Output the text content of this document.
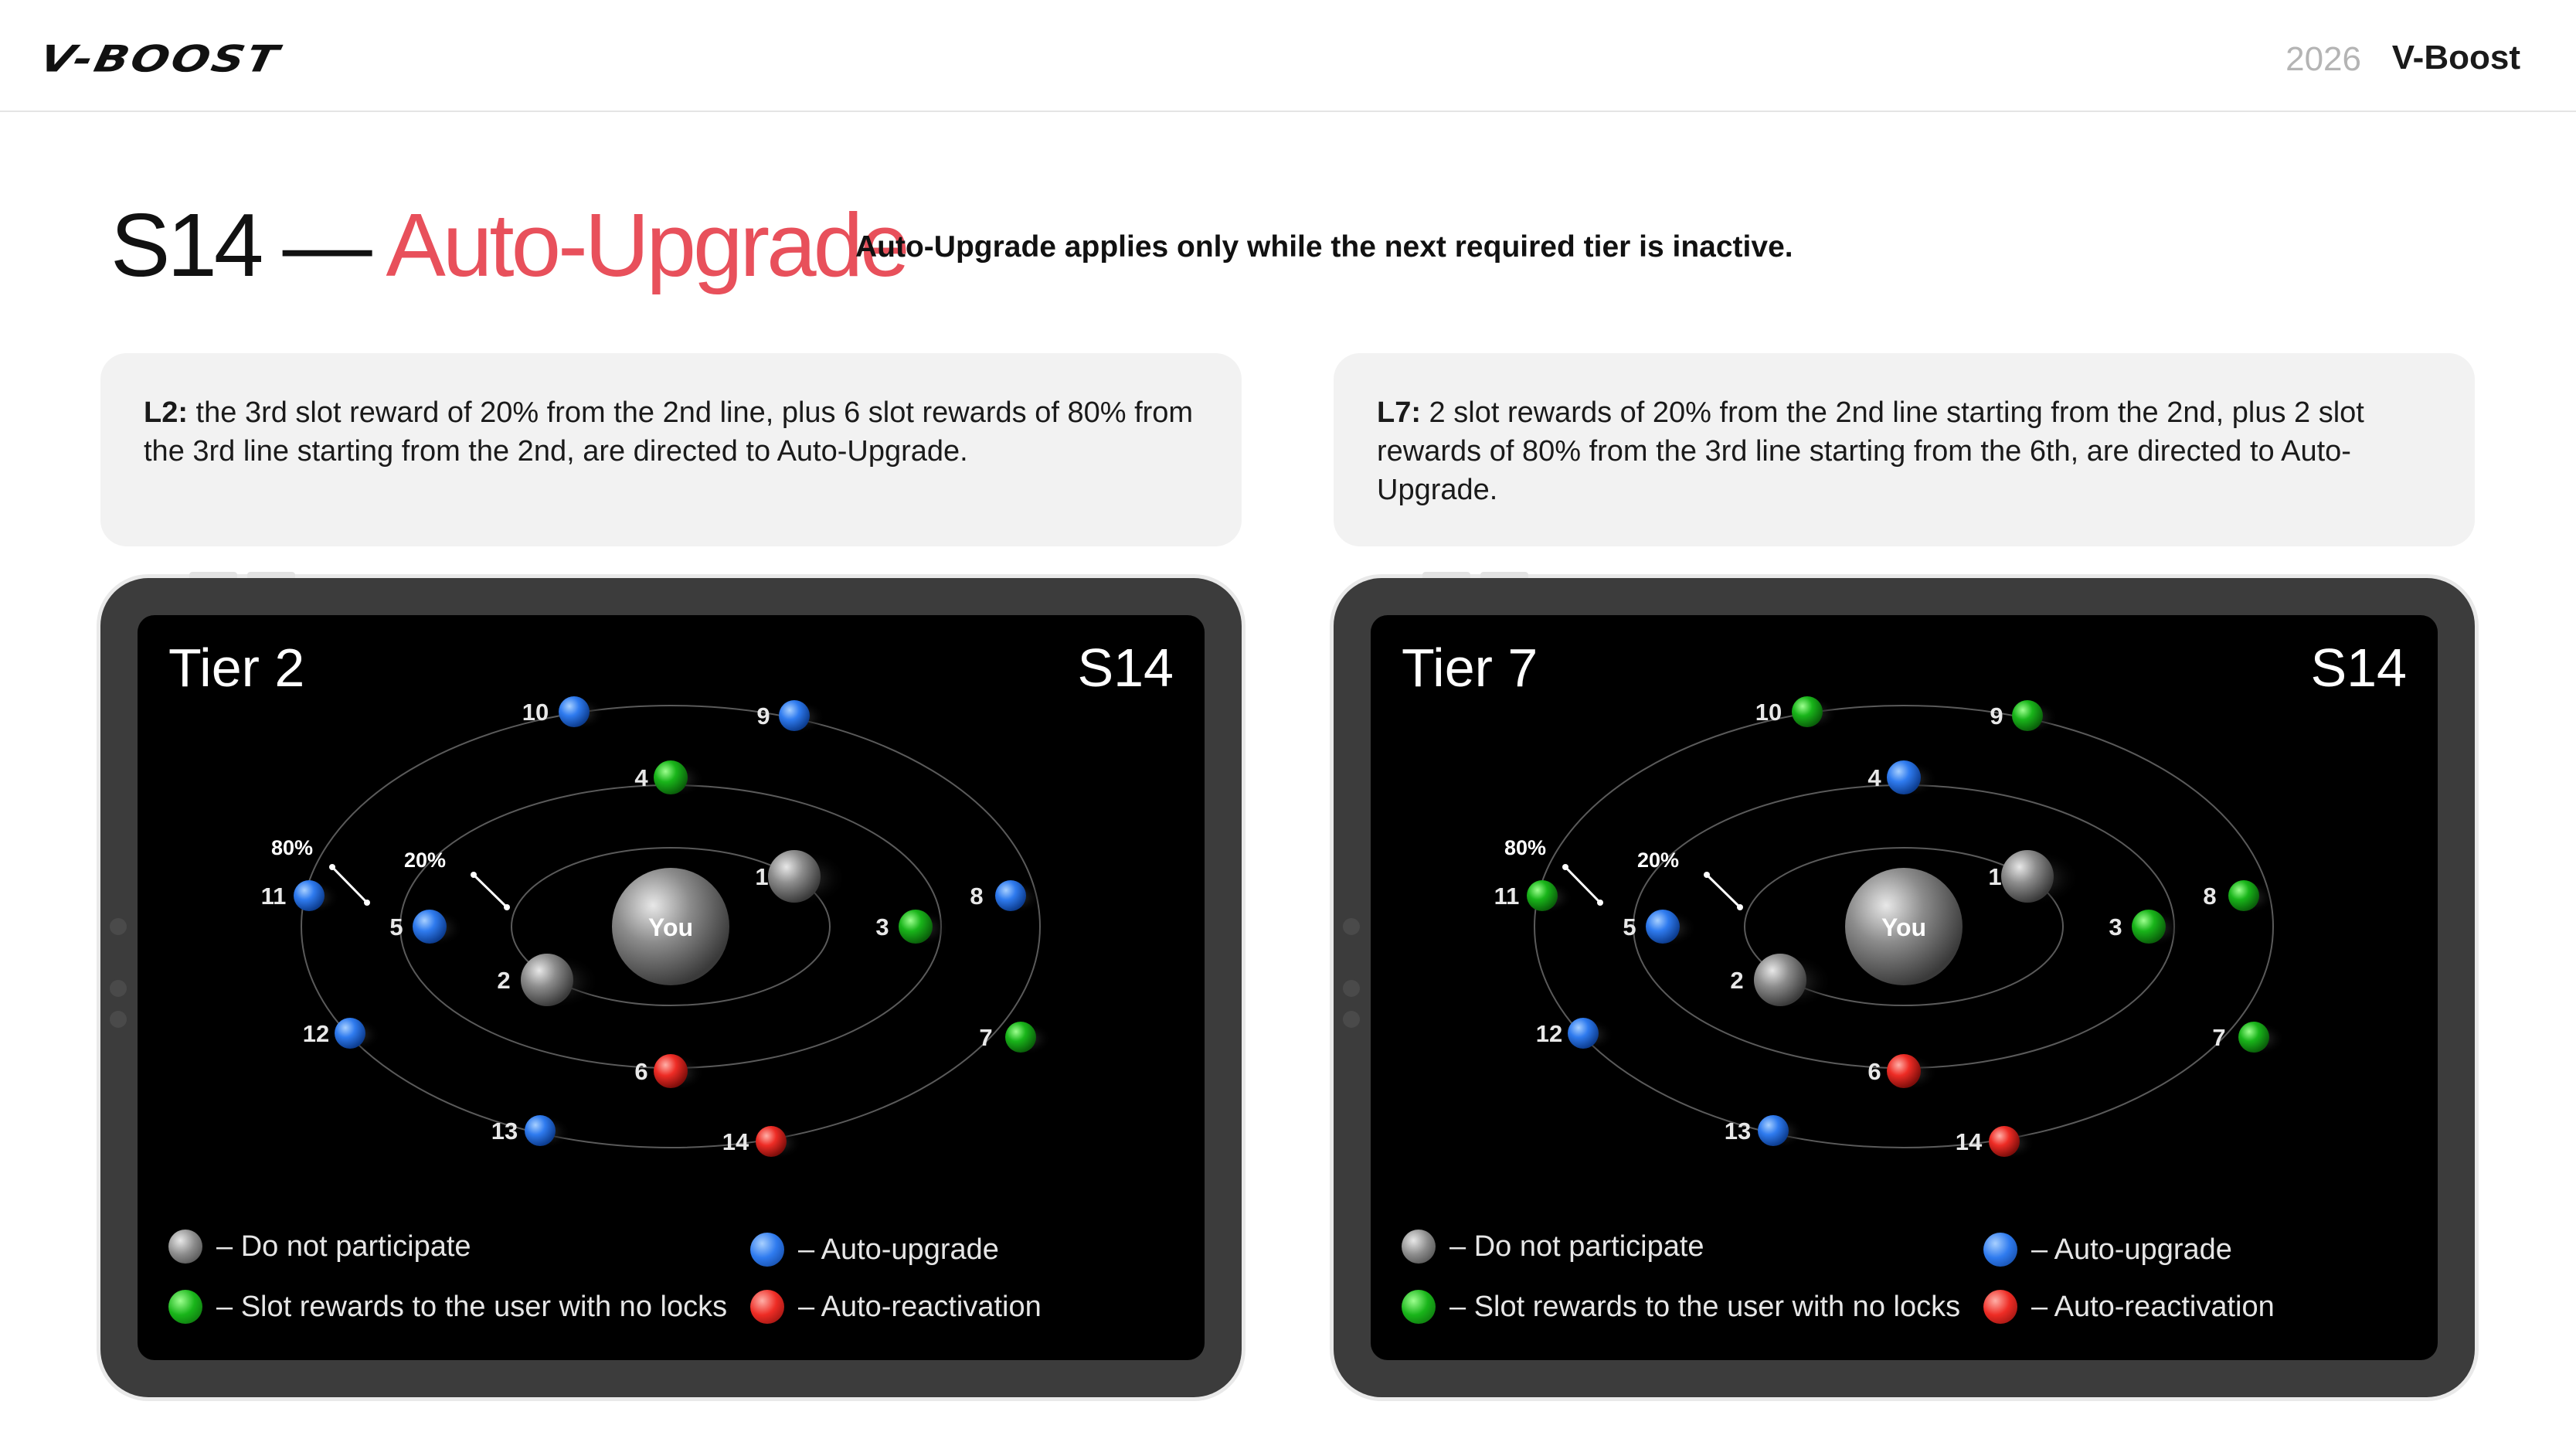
V-BOOST	2026 V-Boost
S14 — Auto-Upgrade
Auto-Upgrade applies only while the next required tier is inactive.
L2: the 3rd slot reward of 20% from the 2nd line, plus 6 slot rewards of 80% from the 3rd line starting from the 2nd, are directed to Auto-Upgrade.
Tier 2	S14
80%
20%
You
1
2
3
4
5
6
7
8
9
10
11
12
13	14
– Do not participate	– Auto-upgrade
– Slot rewards to the user with no locks – Auto-reactivation
L7: 2 slot rewards of 20% from the 2nd line starting from the 2nd, plus 2 slot rewards of 80% from the 3rd line starting from the 6th, are directed to Auto-Upgrade.
Tier 7	S14
80%
20%
You
1
2
3
4
5
6
7
8
9
10
11
12
13	14
– Do not participate	– Auto-upgrade
– Slot rewards to the user with no locks – Auto-reactivation
